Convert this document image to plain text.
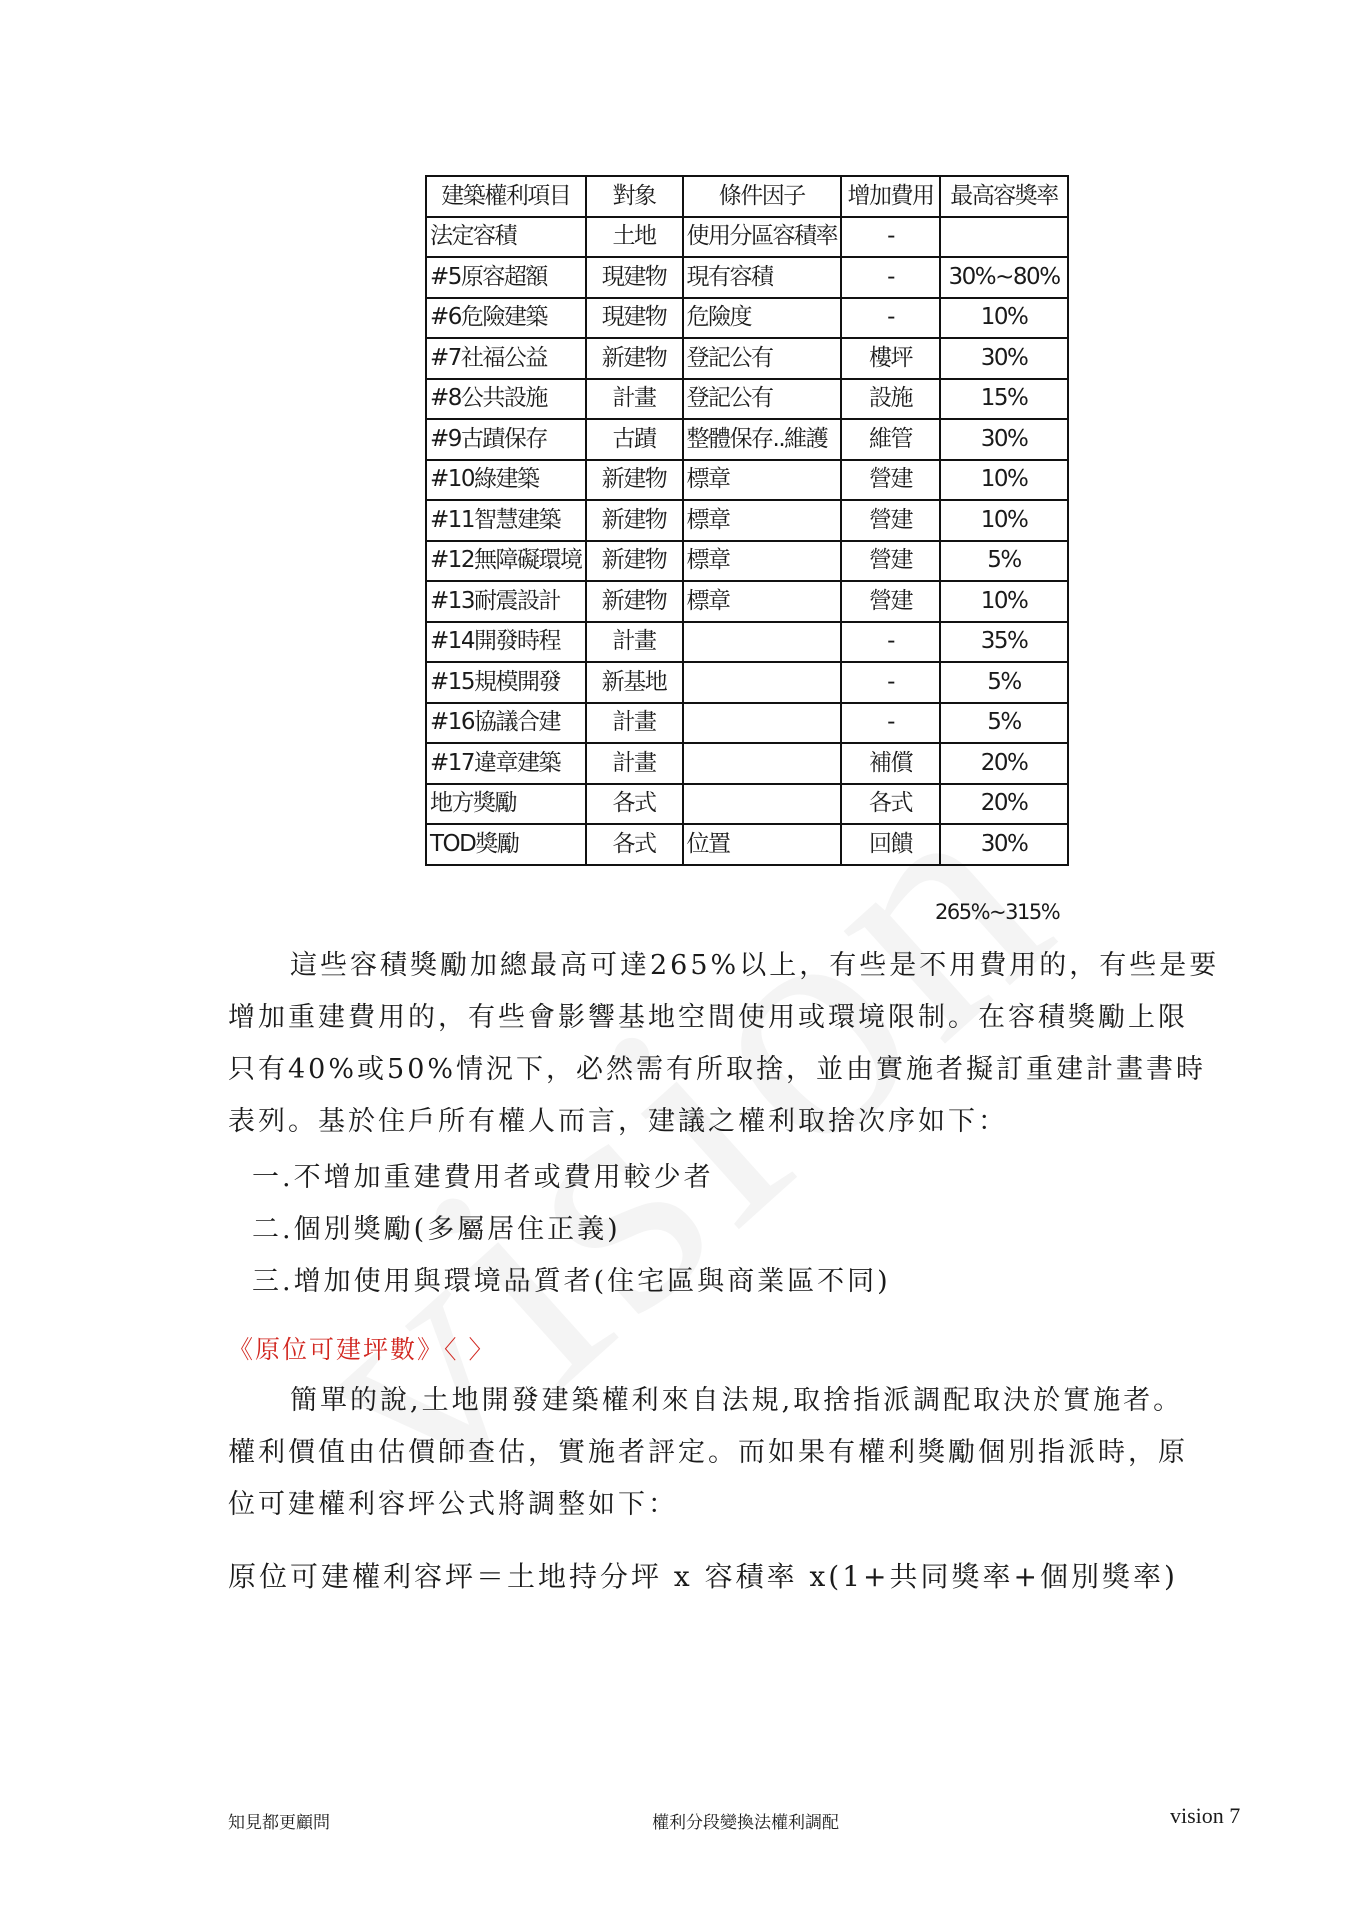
建築權利項目	對象	條件因子	增加費用	最高容獎率
法定容積	土地	使用分區容積率	-	
#5原容超額	現建物	現有容積	-	30%~80%
#6危險建築	現建物	危險度	-	10%
#7社福公益	新建物	登記公有	樓坪	30%
#8公共設施	計畫	登記公有	設施	15%
#9古蹟保存	古蹟	整體保存..維護	維管	30%
#10綠建築	新建物	標章	營建	10%
#11智慧建築	新建物	標章	營建	10%
#12無障礙環境	新建物	標章	營建	5%
#13耐震設計	新建物	標章	營建	10%
#14開發時程	計畫		-	35%
#15規模開發	新基地		-	5%
#16協議合建	計畫		-	5%
#17違章建築	計畫		補償	20%
地方獎勵	各式		各式	20%
TOD獎勵	各式	位置	回饋	30%
265%~315%
這些容積獎勵加總最高可達265%以上，有些是不用費用的，有些是要
增加重建費用的，有些會影響基地空間使用或環境限制。在容積獎勵上限
只有40%或50%情況下，必然需有所取捨，並由實施者擬訂重建計畫書時
表列。基於住戶所有權人而言，建議之權利取捨次序如下：
一.不增加重建費用者或費用較少者
二.個別獎勵(多屬居住正義)
三.增加使用與環境品質者(住宅區與商業區不同)
《原位可建坪數》〈 〉
簡單的說,土地開發建築權利來自法規,取捨指派調配取決於實施者。
權利價值由估價師查估，實施者評定。而如果有權利獎勵個別指派時，原
位可建權利容坪公式將調整如下：
原位可建權利容坪＝土地持分坪 x 容積率 x(1+共同獎率+個別獎率)
知見都更顧問	權利分段變換法權利調配	vision 7
